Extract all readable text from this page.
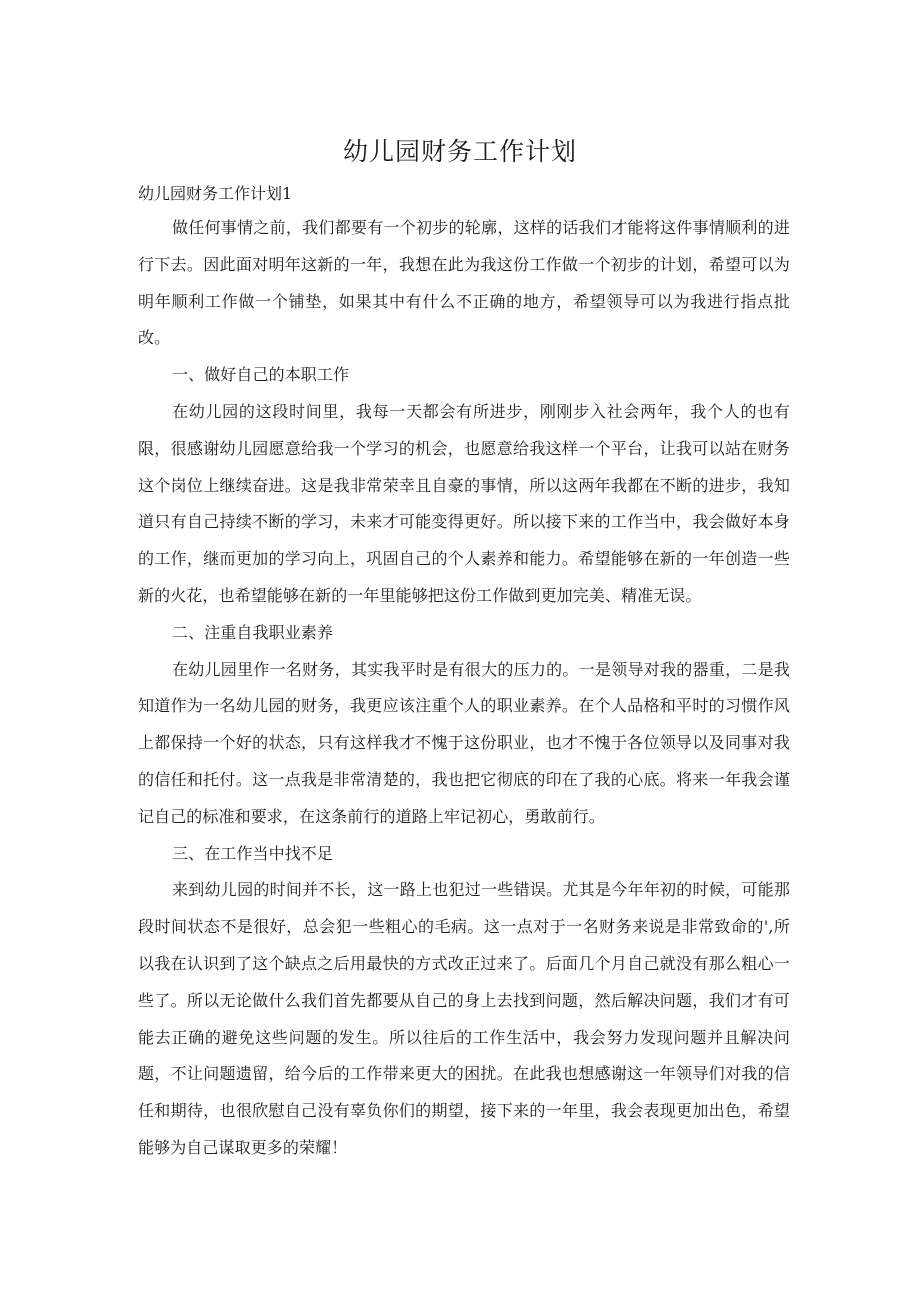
幼儿园财务工作计划

幼儿园财务工作计划1

做任何事情之前，我们都要有一个初步的轮廓，这样的话我们才能将这件事情顺利的进行下去。因此面对明年这新的一年，我想在此为我这份工作做一个初步的计划，希望可以为明年顺利工作做一个铺垫，如果其中有什么不正确的地方，希望领导可以为我进行指点批改。

一、做好自己的本职工作

在幼儿园的这段时间里，我每一天都会有所进步，刚刚步入社会两年，我个人的也有限，很感谢幼儿园愿意给我一个学习的机会，也愿意给我这样一个平台，让我可以站在财务这个岗位上继续奋进。这是我非常荣幸且自豪的事情，所以这两年我都在不断的进步，我知道只有自己持续不断的学习，未来才可能变得更好。所以接下来的工作当中，我会做好本身的工作，继而更加的学习向上，巩固自己的个人素养和能力。希望能够在新的一年创造一些新的火花，也希望能够在新的一年里能够把这份工作做到更加完美、精准无误。

二、注重自我职业素养

在幼儿园里作一名财务，其实我平时是有很大的压力的。一是领导对我的器重，二是我知道作为一名幼儿园的财务，我更应该注重个人的职业素养。在个人品格和平时的习惯作风上都保持一个好的状态，只有这样我才不愧于这份职业，也才不愧于各位领导以及同事对我的信任和托付。这一点我是非常清楚的，我也把它彻底的印在了我的心底。将来一年我会谨记自己的标准和要求，在这条前行的道路上牢记初心，勇敢前行。

三、在工作当中找不足

来到幼儿园的时间并不长，这一路上也犯过一些错误。尤其是今年年初的时候，可能那段时间状态不是很好，总会犯一些粗心的毛病。这一点对于一名财务来说是非常致命的',所以我在认识到了这个缺点之后用最快的方式改正过来了。后面几个月自己就没有那么粗心一些了。所以无论做什么我们首先都要从自己的身上去找到问题，然后解决问题，我们才有可能去正确的避免这些问题的发生。所以往后的工作生活中，我会努力发现问题并且解决问题，不让问题遗留，给今后的工作带来更大的困扰。在此我也想感谢这一年领导们对我的信任和期待，也很欣慰自己没有辜负你们的期望，接下来的一年里，我会表现更加出色，希望能够为自己谋取更多的荣耀！
